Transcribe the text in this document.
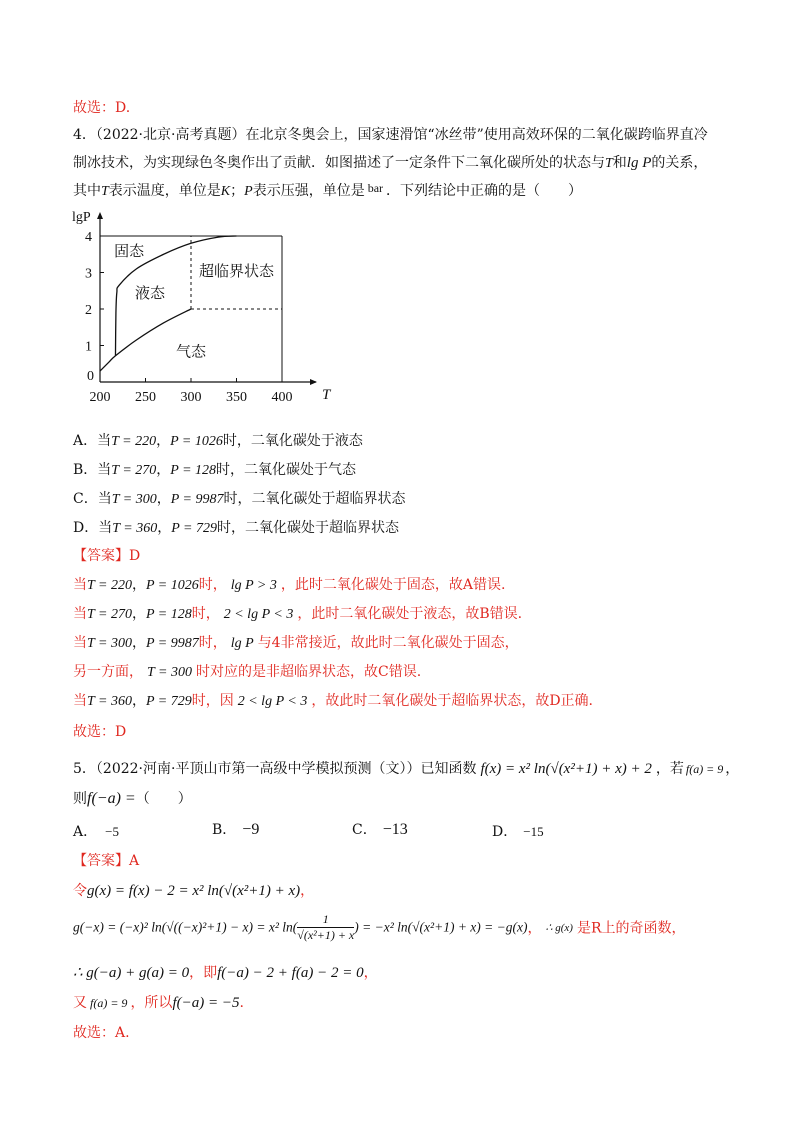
故选：D.
4．（2022·北京·高考真题）在北京冬奥会上，国家速滑馆“冰丝带”使用高效环保的二氧化碳跨临界直冷
制冰技术，为实现绿色冬奥作出了贡献．如图描述了一定条件下二氧化碳所处的状态与T和lg P的关系，
其中T表示温度，单位是K；P表示压强，单位是 bar ．下列结论中正确的是（　　）
1
2
3
4
0
200 250 300 350 400
lgP
T
固态
液态
超临界状态
气态
A．当T = 220，P = 1026时，二氧化碳处于液态
B．当T = 270，P = 128时，二氧化碳处于气态
C．当T = 300，P = 9987时，二氧化碳处于超临界状态
D．当T = 360，P = 729时，二氧化碳处于超临界状态
【答案】D
当T = 220，P = 1026时， lg P > 3 ，此时二氧化碳处于固态，故A错误.
当T = 270，P = 128时， 2 < lg P < 3 ，此时二氧化碳处于液态，故B错误.
当T = 300，P = 9987时， lg P 与4非常接近，故此时二氧化碳处于固态，
另一方面， T = 300 时对应的是非超临界状态，故C错误.
当T = 360，P = 729时，因 2 < lg P < 3 ，故此时二氧化碳处于超临界状态，故D正确.
故选：D
5．（2022·河南·平顶山市第一高级中学模拟预测（文））已知函数 f(x) = x² ln(√(x²+1) + x) + 2 ，若 f(a) = 9 ，
则f(−a) =（　　）
A． −5	B． −9	C． −13	D． −15
【答案】A
令g(x) = f(x) − 2 = x² ln(√(x²+1) + x)，
g(−x) = (−x)² ln(√((−x)²+1) − x) = x² $\ln( \frac{1}{\text{√(x²+1) + x}}$ ) = −x² ln(√(x²+1) + x) = −g(x)， ∴ g(x) 是R上的奇函数，
∴ g(−a) + g(a) = 0，即f(−a) − 2 + f(a) − 2 = 0，
又 f(a) = 9 ，所以f(−a) = −5.
故选：A.
